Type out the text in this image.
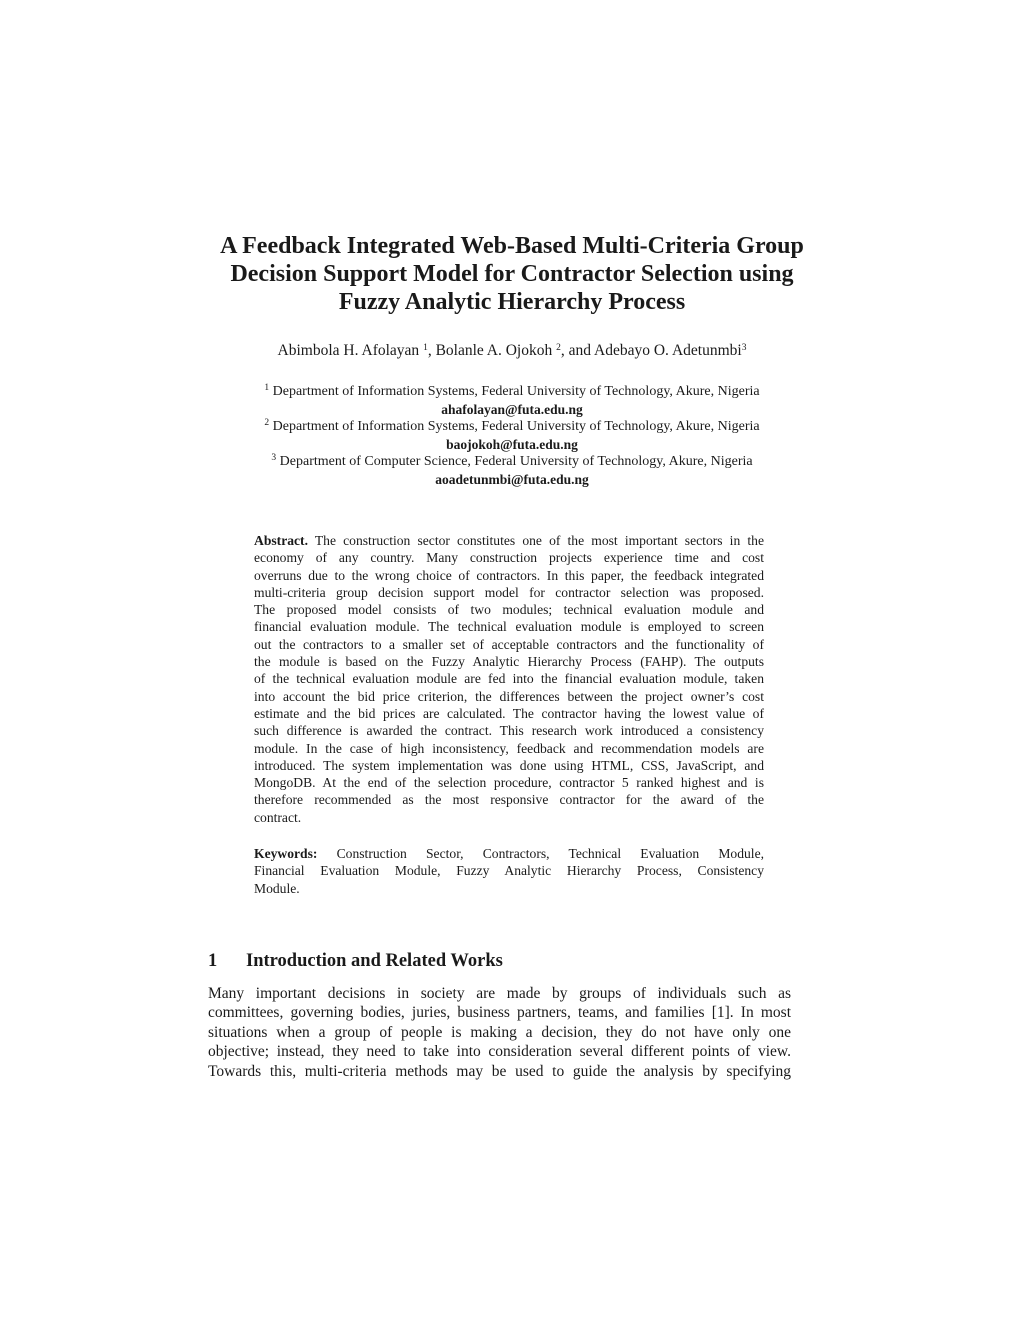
A Feedback Integrated Web-Based Multi-Criteria Group
Decision Support Model for Contractor Selection using
Fuzzy Analytic Hierarchy Process
Abimbola H. Afolayan $^1$, Bolanle A. Ojokoh $^2$, and Adebayo O. Adetunmbi$^3$
$^1$ Department of Information Systems, Federal University of Technology, Akure, Nigeria
ahafolayan@futa.edu.ng
$^2$ Department of Information Systems, Federal University of Technology, Akure, Nigeria
baojokoh@futa.edu.ng
$^3$ Department of Computer Science, Federal University of Technology, Akure, Nigeria
aoadetunmbi@futa.edu.ng
Abstract. The construction sector constitutes one of the most important sectors in the
economy of any country. Many construction projects experience time and cost
overruns due to the wrong choice of contractors. In this paper, the feedback integrated
multi-criteria group decision support model for contractor selection was proposed.
The proposed model consists of two modules; technical evaluation module and
financial evaluation module. The technical evaluation module is employed to screen
out the contractors to a smaller set of acceptable contractors and the functionality of
the module is based on the Fuzzy Analytic Hierarchy Process (FAHP). The outputs
of the technical evaluation module are fed into the financial evaluation module, taken
into account the bid price criterion, the differences between the project owner’s cost
estimate and the bid prices are calculated. The contractor having the lowest value of
such difference is awarded the contract. This research work introduced a consistency
module. In the case of high inconsistency, feedback and recommendation models are
introduced. The system implementation was done using HTML, CSS, JavaScript, and
MongoDB. At the end of the selection procedure, contractor 5 ranked highest and is
therefore recommended as the most responsive contractor for the award of the
contract.
Keywords: Construction Sector, Contractors, Technical Evaluation Module,
Financial Evaluation Module, Fuzzy Analytic Hierarchy Process, Consistency
Module.
1 Introduction and Related Works
Many important decisions in society are made by groups of individuals such as
committees, governing bodies, juries, business partners, teams, and families [1]. In most
situations when a group of people is making a decision, they do not have only one
objective; instead, they need to take into consideration several different points of view.
Towards this, multi-criteria methods may be used to guide the analysis by specifying
